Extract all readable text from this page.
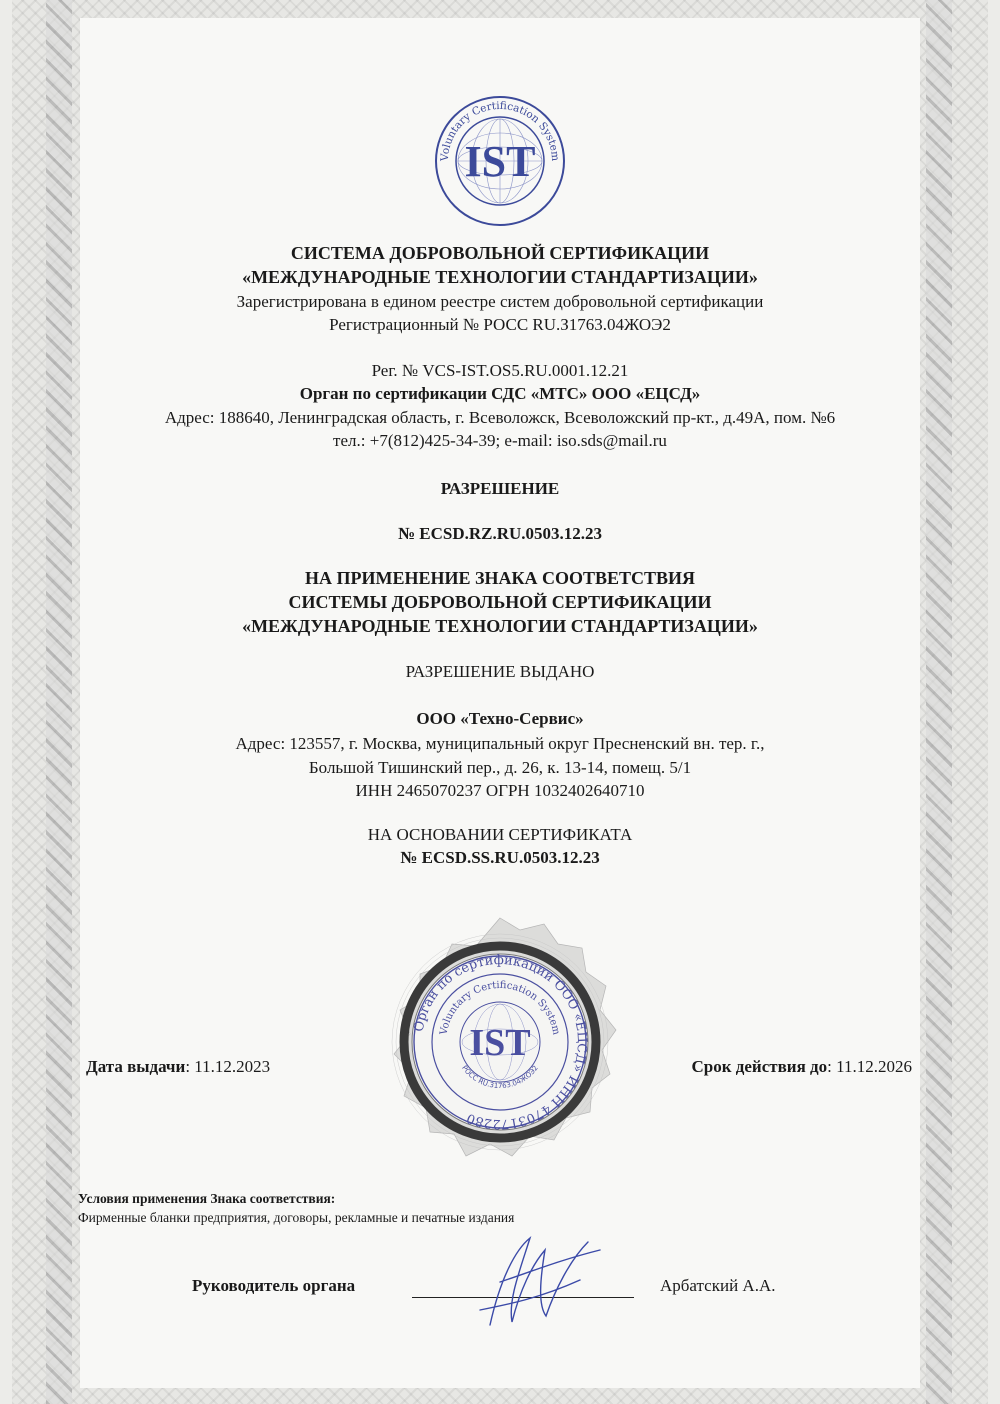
Voluntary Certification System
IST
СИСТЕМА ДОБРОВОЛЬНОЙ СЕРТИФИКАЦИИ
«МЕЖДУНАРОДНЫЕ ТЕХНОЛОГИИ СТАНДАРТИЗАЦИИ»
Зарегистрирована в едином реестре систем добровольной сертификации
Регистрационный № РОСС RU.З1763.04ЖОЭ2
Рег. № VCS-IST.OS5.RU.0001.12.21
Орган по сертификации СДС «МТС» ООО «ЕЦСД»
Адрес: 188640, Ленинградская область, г. Всеволожск, Всеволожский пр-кт., д.49А, пом. №6
тел.: +7(812)425-34-39; e-mail: iso.sds@mail.ru
РАЗРЕШЕНИЕ
№ ECSD.RZ.RU.0503.12.23
НА ПРИМЕНЕНИЕ ЗНАКА СООТВЕТСТВИЯ
СИСТЕМЫ ДОБРОВОЛЬНОЙ СЕРТИФИКАЦИИ
«МЕЖДУНАРОДНЫЕ ТЕХНОЛОГИИ СТАНДАРТИЗАЦИИ»
РАЗРЕШЕНИЕ ВЫДАНО
ООО «Техно-Сервис»
Адрес: 123557, г. Москва, муниципальный округ Пресненский вн. тер. г.,
Большой Тишинский пер., д. 26, к. 13-14, помещ. 5/1
ИНН 2465070237 ОГРН 1032402640710
НА ОСНОВАНИИ СЕРТИФИКАТА
№ ECSD.SS.RU.0503.12.23
Орган по сертификации ООО «ЕЦСД» ИНН 4703172280
Voluntary Certification System
РОСС RU.31763.04ЖОЭ2
IST
Дата выдачи: 11.12.2023	Срок действия до: 11.12.2026
Условия применения Знака соответствия:
Фирменные бланки предприятия, договоры, рекламные и печатные издания
Руководитель органа	Арбатский А.А.
